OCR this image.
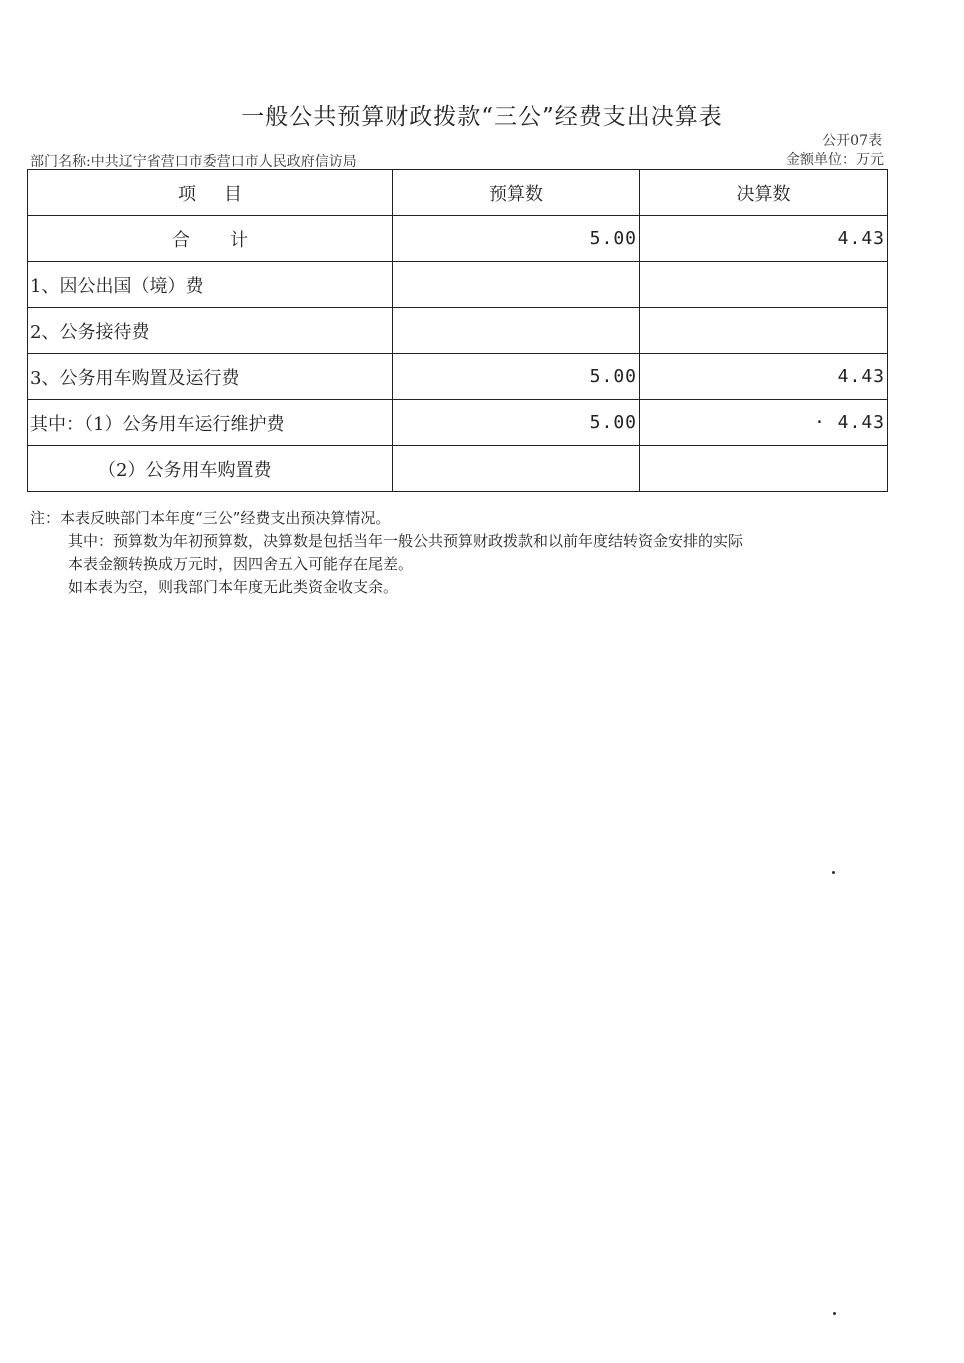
一般公共预算财政拨款“三公”经费支出决算表
公开07表
部门名称:中共辽宁省营口市委营口市人民政府信访局	金额单位：万元
项目	预算数	决算数
合计	5.00	4.43
1、因公出国（境）费		
2、公务接待费		
3、公务用车购置及运行费	5.00	4.43
其中：（1）公务用车运行维护费	5.00	· 4.43
（2）公务用车购置费		
注：本表反映部门本年度“三公”经费支出预决算情况。
其中：预算数为年初预算数，决算数是包括当年一般公共预算财政拨款和以前年度结转资金安排的实际
本表金额转换成万元时，因四舍五入可能存在尾差。
如本表为空，则我部门本年度无此类资金收支余。
